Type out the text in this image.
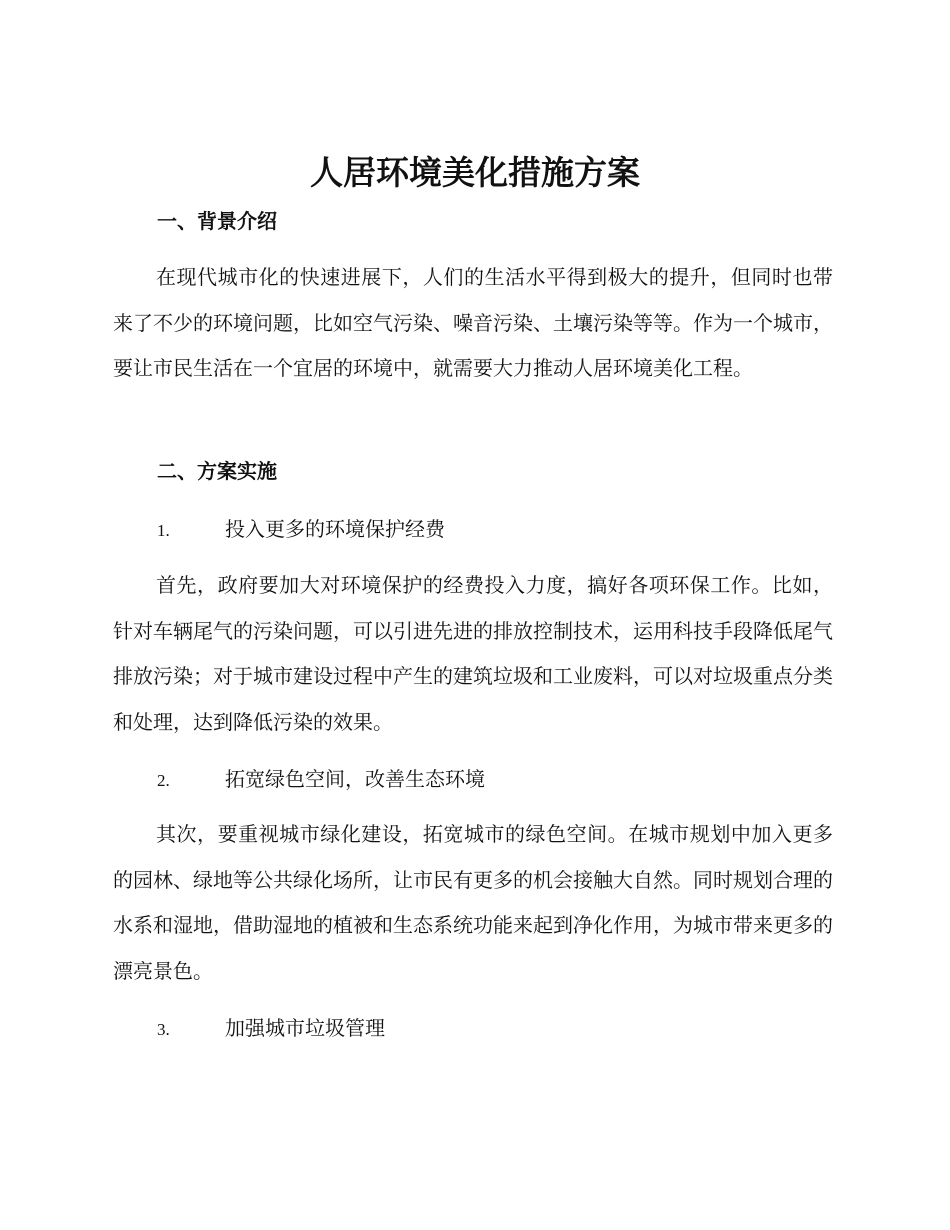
人居环境美化措施方案
一、背景介绍
在现代城市化的快速进展下，人们的生活水平得到极大的提升，但同时也带来了不少的环境问题，比如空气污染、噪音污染、土壤污染等等。作为一个城市，要让市民生活在一个宜居的环境中，就需要大力推动人居环境美化工程。
二、方案实施
1.	投入更多的环境保护经费
首先，政府要加大对环境保护的经费投入力度，搞好各项环保工作。比如，针对车辆尾气的污染问题，可以引进先进的排放控制技术，运用科技手段降低尾气排放污染；对于城市建设过程中产生的建筑垃圾和工业废料，可以对垃圾重点分类和处理，达到降低污染的效果。
2.	拓宽绿色空间，改善生态环境
其次，要重视城市绿化建设，拓宽城市的绿色空间。在城市规划中加入更多的园林、绿地等公共绿化场所，让市民有更多的机会接触大自然。同时规划合理的水系和湿地，借助湿地的植被和生态系统功能来起到净化作用，为城市带来更多的漂亮景色。
3.	加强城市垃圾管理
